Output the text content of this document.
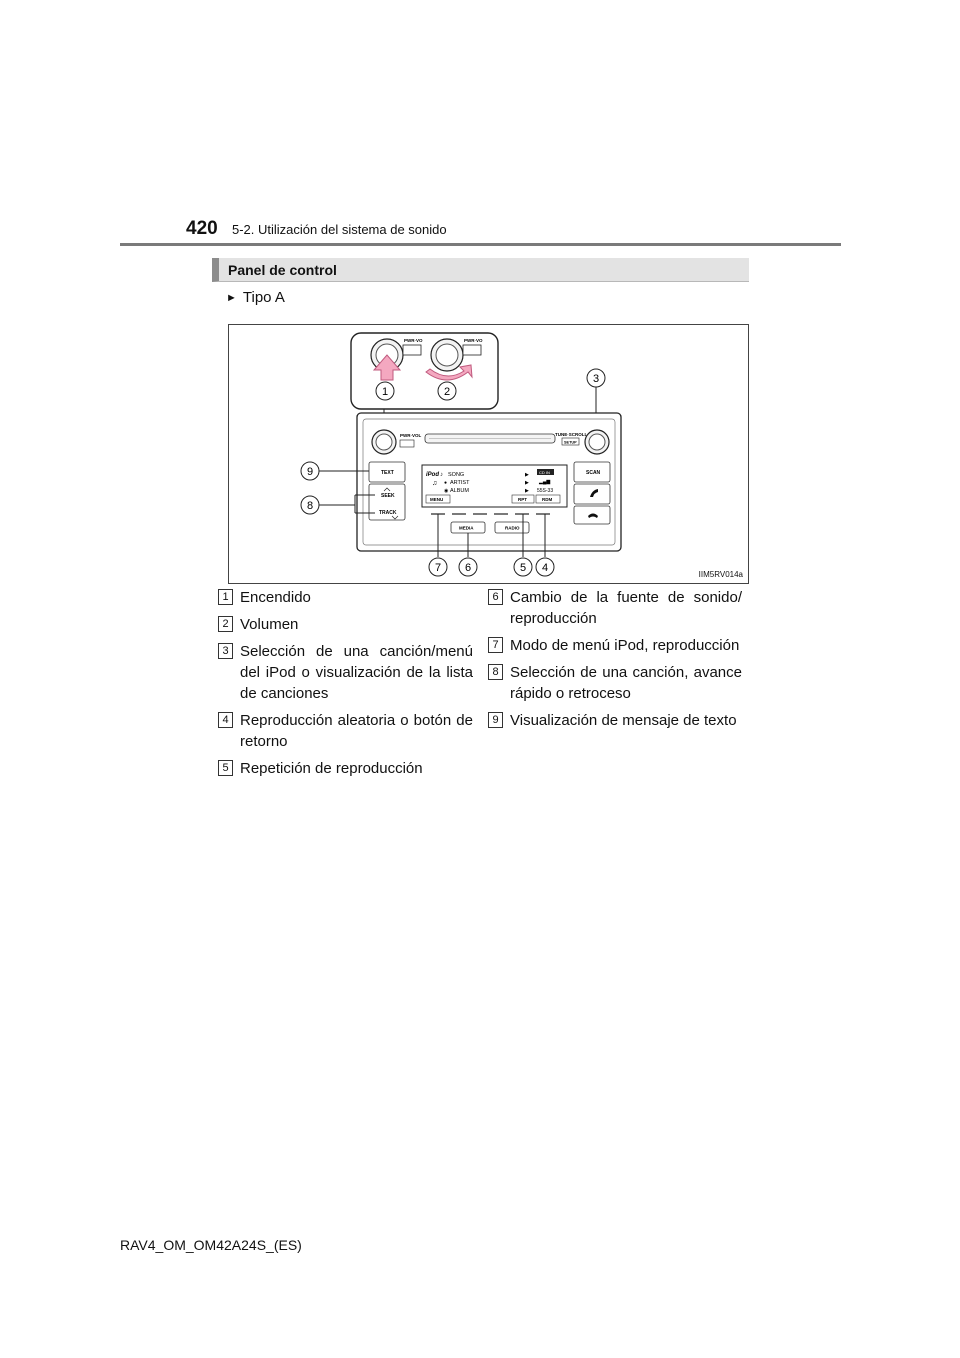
420 5-2. Utilización del sistema de sonido
Panel de control
► Tipo A
PWR·VO	PWR·VO
1	2
3
PWR·VOL	TUNE·SCROLL
SETUP
TEXT
SEEK
TRACK
SCAN
iPod ♪ SONG
♫ ● ARTIST
◉ ALBUM
▶
▶
▶
CD IN
▂▄▆
55S-33
MENU	RPT	RDM
MEDIA	RADIO
9
8
7 6	5 4
IIM5RV014a
1 Encendido
2 Volumen
3 Selección de una canción/menú del iPod o visualización de la lista de canciones
4 Reproducción aleatoria o botón de retorno
5 Repetición de reproducción
6 Cambio de la fuente de sonido/ reproducción
7 Modo de menú iPod, reproducción
8 Selección de una canción, avance rápido o retroceso
9 Visualización de mensaje de texto
RAV4_OM_OM42A24S_(ES)
